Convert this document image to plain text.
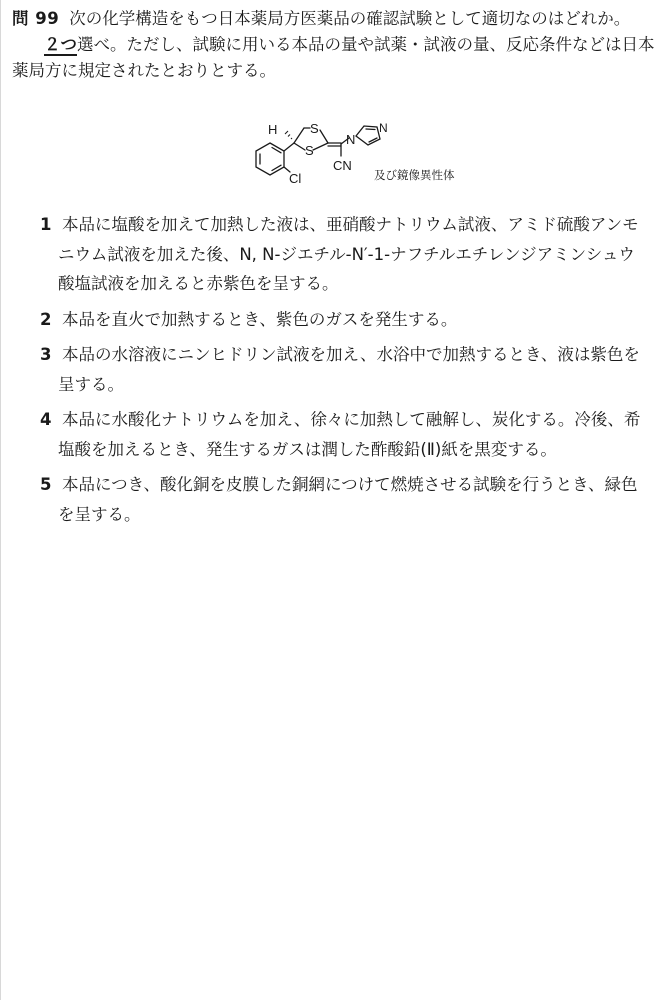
問 99 次の化学構造をもつ日本薬局方医薬品の確認試験として適切なのはどれか。
２つ選べ。ただし、試験に用いる本品の量や試薬・試液の量、反応条件などは日本
薬局方に規定されたとおりとする。
H	S
S
N
CN
Cl
N
及び鏡像異性体
1 本品に塩酸を加えて加熱した液は、亜硝酸ナトリウム試液、アミド硫酸アンモ
ニウム試液を加えた後、N, N-ジエチル-N′-1-ナフチルエチレンジアミンシュウ
酸塩試液を加えると赤紫色を呈する。
2 本品を直火で加熱するとき、紫色のガスを発生する。
3 本品の水溶液にニンヒドリン試液を加え、水浴中で加熱するとき、液は紫色を
呈する。
4 本品に水酸化ナトリウムを加え、徐々に加熱して融解し、炭化する。冷後、希
塩酸を加えるとき、発生するガスは潤した酢酸鉛(Ⅱ)紙を黒変する。
5 本品につき、酸化銅を皮膜した銅網につけて燃焼させる試験を行うとき、緑色
を呈する。
